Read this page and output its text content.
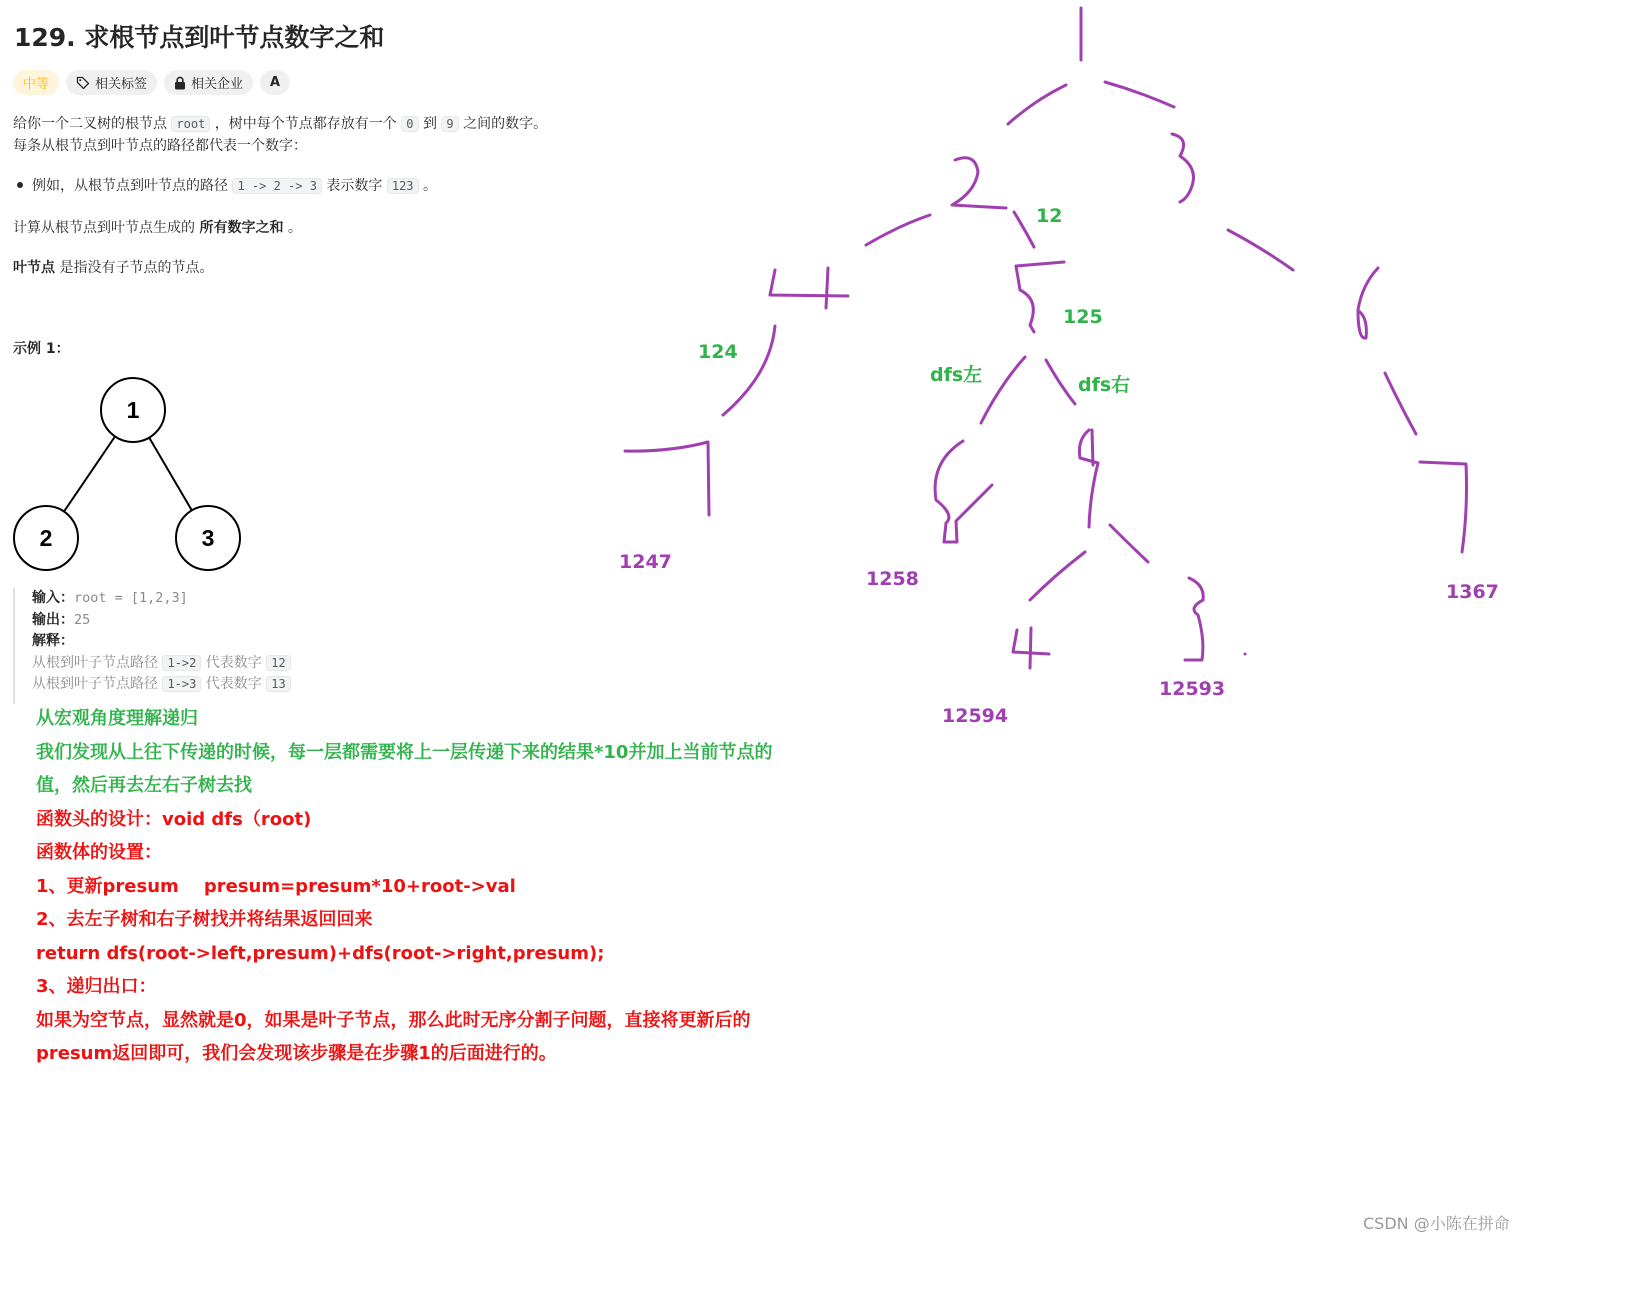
129. 求根节点到叶节点数字之和
中等	相关标签	相关企业 A
给你一个二叉树的根节点 root ，树中每个节点都存放有一个 0 到 9 之间的数字。
每条从根节点到叶节点的路径都代表一个数字：
例如，从根节点到叶节点的路径 1 -> 2 -> 3 表示数字 123 。
计算从根节点到叶节点生成的 所有数字之和 。
叶节点 是指没有子节点的节点。
示例 1：
1
2	3
输入：root = [1,2,3]
输出：25
解释：
从根到叶子节点路径 1->2 代表数字 12
从根到叶子节点路径 1->3 代表数字 13
从宏观角度理解递归
我们发现从上往下传递的时候，每一层都需要将上一层传递下来的结果*10并加上当前节点的
值，然后再去左右子树去找
函数头的设计：void dfs（root)
函数体的设置：
1、更新presum    presum=presum*10+root->val
2、去左子树和右子树找并将结果返回回来
return dfs(root->left,presum)+dfs(root->right,presum);
3、递归出口：
如果为空节点，显然就是0，如果是叶子节点，那么此时无序分割子问题，直接将更新后的
presum返回即可，我们会发现该步骤是在步骤1的后面进行的。
12
125
124
dfs左	dfs右
1247
1258
1367
12593
12594
CSDN @小陈在拼命
